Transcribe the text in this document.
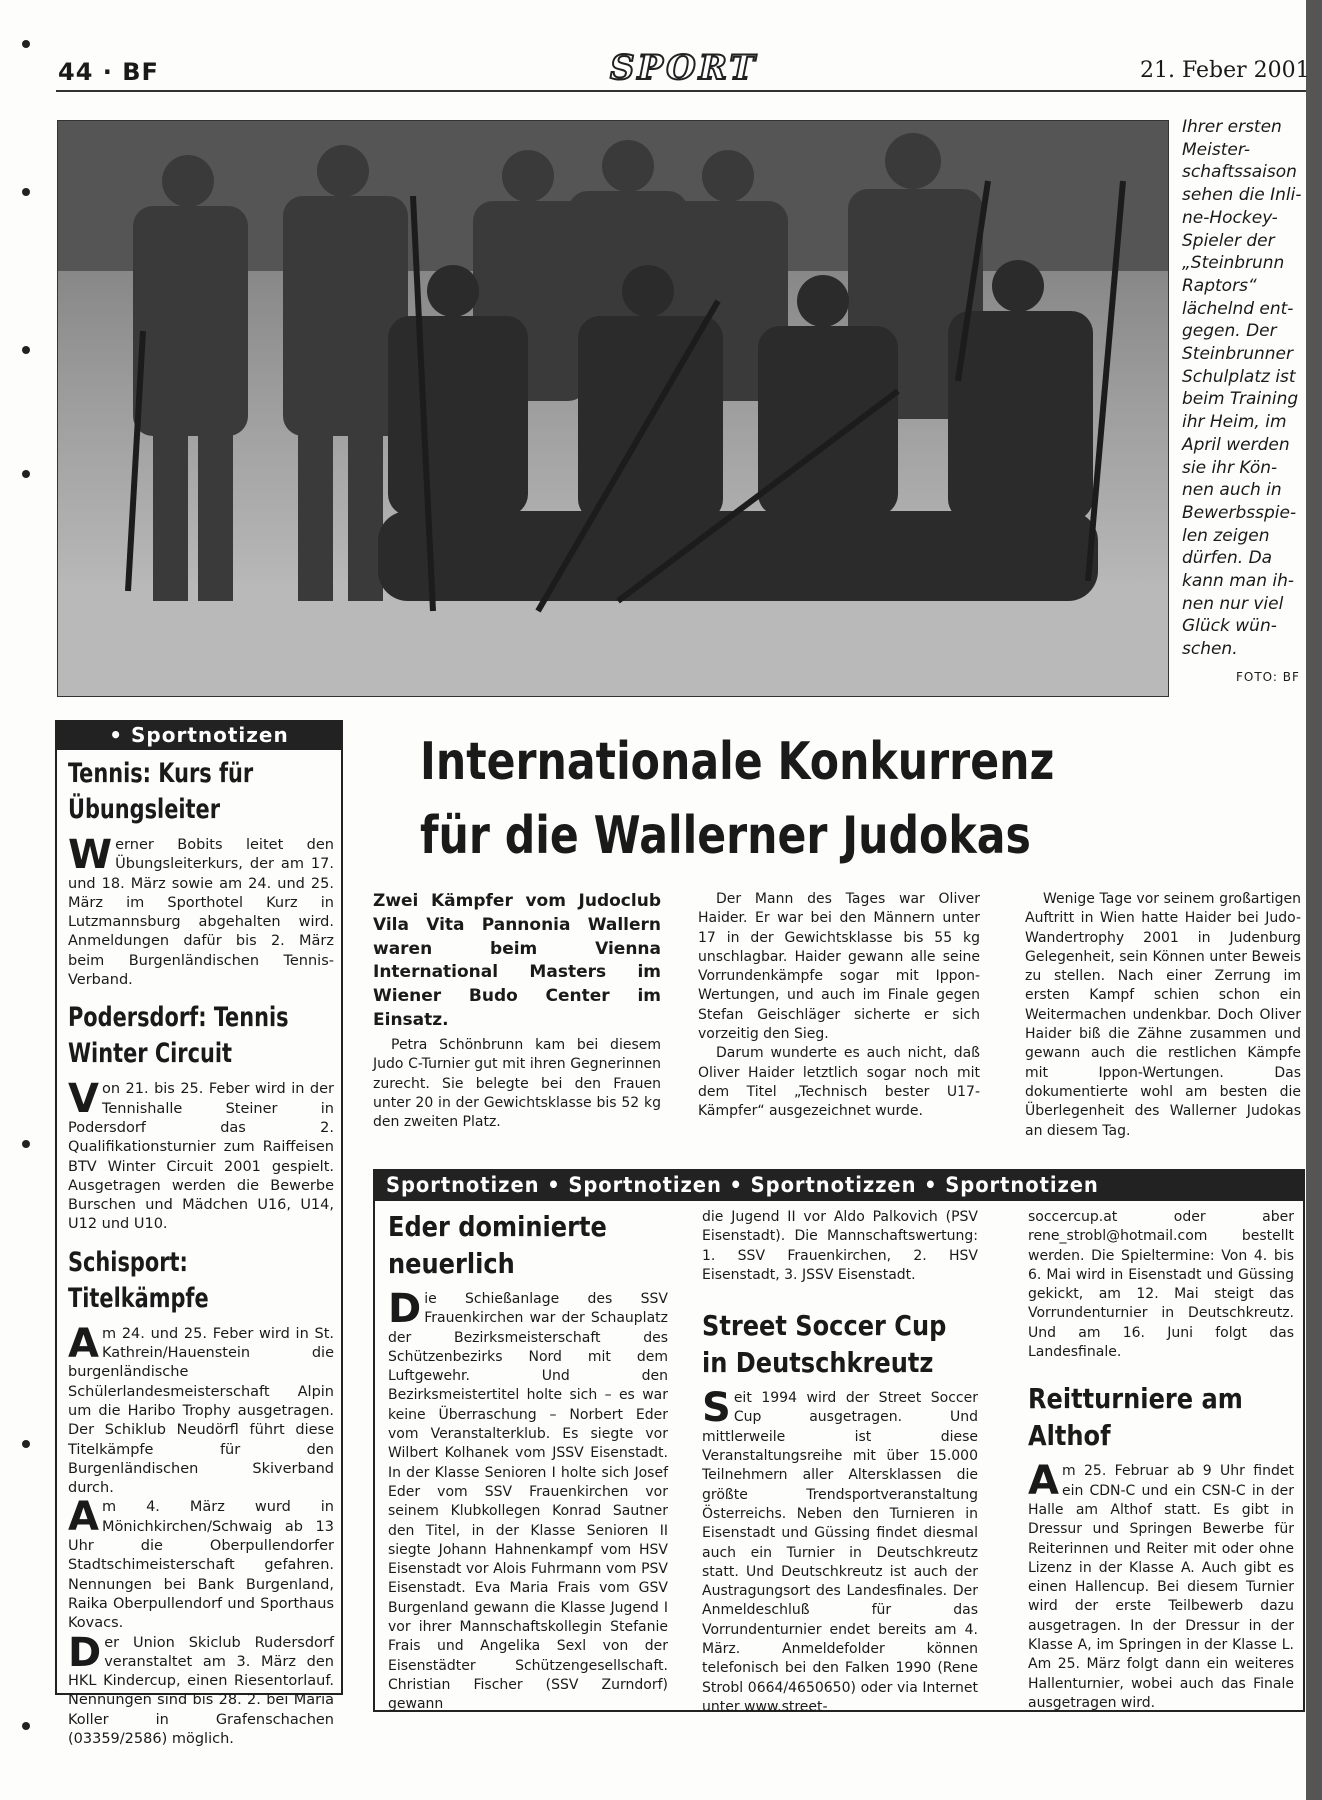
44 · BF	SPORT	21. Feber 2001
Ihrer ersten Meister- schaftssaison sehen die Inli- ne-Hockey- Spieler der „Steinbrunn Raptors“ lächelnd ent- gegen. Der Steinbrunner Schulplatz ist beim Training ihr Heim, im April werden sie ihr Kön- nen auch in Bewerbsspie- len zeigen dürfen. Da kann man ih- nen nur viel Glück wün- schen.
FOTO: BF
• Sportnotizen
Tennis: Kurs für
Übungsleiter
Werner Bobits leitet den Übungsleiterkurs, der am 17. und 18. März sowie am 24. und 25. März im Sporthotel Kurz in Lutzmannsburg abgehalten wird. Anmeldungen dafür bis 2. März beim Burgenländischen Tennis-Verband.
Podersdorf: Tennis
Winter Circuit
Von 21. bis 25. Feber wird in der Tennishalle Steiner in Podersdorf das 2. Qualifikationsturnier zum Raiffeisen BTV Winter Circuit 2001 gespielt. Ausgetragen werden die Bewerbe Burschen und Mädchen U16, U14, U12 und U10.
Schisport:
Titelkämpfe
Am 24. und 25. Feber wird in St. Kathrein/Hauenstein die burgenländische Schülerlandesmeisterschaft Alpin um die Haribo Trophy ausgetragen. Der Schiklub Neudörfl führt diese Titelkämpfe für den Burgenländischen Skiverband durch.
Am 4. März wurd in Mönichkirchen/Schwaig ab 13 Uhr die Oberpullendorfer Stadtschimeisterschaft gefahren. Nennungen bei Bank Burgenland, Raika Oberpullendorf und Sporthaus Kovacs.
Der Union Skiclub Rudersdorf veranstaltet am 3. März den HKL Kindercup, einen Riesentorlauf. Nennungen sind bis 28. 2. bei Maria Koller in Grafenschachen (03359/2586) möglich.
Internationale Konkurrenz
für die Wallerner Judokas
Zwei Kämpfer vom Judoclub Vila Vita Pannonia Wallern waren beim Vienna International Masters im Wiener Budo Center im Einsatz.
Petra Schönbrunn kam bei diesem Judo C-Turnier gut mit ihren Gegnerinnen zurecht. Sie belegte bei den Frauen unter 20 in der Gewichtsklasse bis 52 kg den zweiten Platz.

Der Mann des Tages war Oliver Haider. Er war bei den Männern unter 17 in der Gewichtsklasse bis 55 kg unschlagbar. Haider gewann alle seine Vorrundenkämpfe sogar mit Ippon-Wertungen, und auch im Finale gegen Stefan Geischläger sicherte er sich vorzeitig den Sieg.

Darum wunderte es auch nicht, daß Oliver Haider letztlich sogar noch mit dem Titel „Technisch bester U17-Kämpfer“ ausgezeichnet wurde.

Wenige Tage vor seinem großartigen Auftritt in Wien hatte Haider bei Judo-Wandertrophy 2001 in Judenburg Gelegenheit, sein Können unter Beweis zu stellen. Nach einer Zerrung im ersten Kampf schien schon ein Weitermachen undenkbar. Doch Oliver Haider biß die Zähne zusammen und gewann auch die restlichen Kämpfe mit Ippon-Wertungen. Das dokumentierte wohl am besten die Überlegenheit des Wallerner Judokas an diesem Tag.
Sportnotizen • Sportnotizen • Sportnotizzen • Sportnotizen
Eder dominierte
neuerlich
Die Schießanlage des SSV Frauenkirchen war der Schauplatz der Bezirksmeisterschaft des Schützenbezirks Nord mit dem Luftgewehr. Und den Bezirksmeistertitel holte sich – es war keine Überraschung – Norbert Eder vom Veranstalterklub. Es siegte vor Wilbert Kolhanek vom JSSV Eisenstadt. In der Klasse Senioren I holte sich Josef Eder vom SSV Frauenkirchen vor seinem Klubkollegen Konrad Sautner den Titel, in der Klasse Senioren II siegte Johann Hahnenkampf vom HSV Eisenstadt vor Alois Fuhrmann vom PSV Eisenstadt. Eva Maria Frais vom GSV Burgenland gewann die Klasse Jugend I vor ihrer Mannschaftskollegin Stefanie Frais und Angelika Sexl von der Eisenstädter Schützengesellschaft. Christian Fischer (SSV Zurndorf) gewann
die Jugend II vor Aldo Palkovich (PSV Eisenstadt). Die Mannschaftswertung: 1. SSV Frauenkirchen, 2. HSV Eisenstadt, 3. JSSV Eisenstadt.
Street Soccer Cup
in Deutschkreutz
Seit 1994 wird der Street Soccer Cup ausgetragen. Und mittlerweile ist diese Veranstaltungsreihe mit über 15.000 Teilnehmern aller Altersklassen die größte Trendsportveranstaltung Österreichs. Neben den Turnieren in Eisenstadt und Güssing findet diesmal auch ein Turnier in Deutschkreutz statt. Und Deutschkreutz ist auch der Austragungsort des Landesfinales. Der Anmeldeschluß für das Vorrundenturnier endet bereits am 4. März. Anmeldefolder können telefonisch bei den Falken 1990 (Rene Strobl 0664/4650650) oder via Internet unter www.street-
soccercup.at oder aber rene_strobl@hotmail.com bestellt werden. Die Spieltermine: Von 4. bis 6. Mai wird in Eisenstadt und Güssing gekickt, am 12. Mai steigt das Vorrundenturnier in Deutschkreutz. Und am 16. Juni folgt das Landesfinale.
Reitturniere am
Althof
Am 25. Februar ab 9 Uhr findet ein CDN-C und ein CSN-C in der Halle am Althof statt. Es gibt in Dressur und Springen Bewerbe für Reiterinnen und Reiter mit oder ohne Lizenz in der Klasse A. Auch gibt es einen Hallencup. Bei diesem Turnier wird der erste Teilbewerb dazu ausgetragen. In der Dressur in der Klasse A, im Springen in der Klasse L. Am 25. März folgt dann ein weiteres Hallenturnier, wobei auch das Finale ausgetragen wird.
